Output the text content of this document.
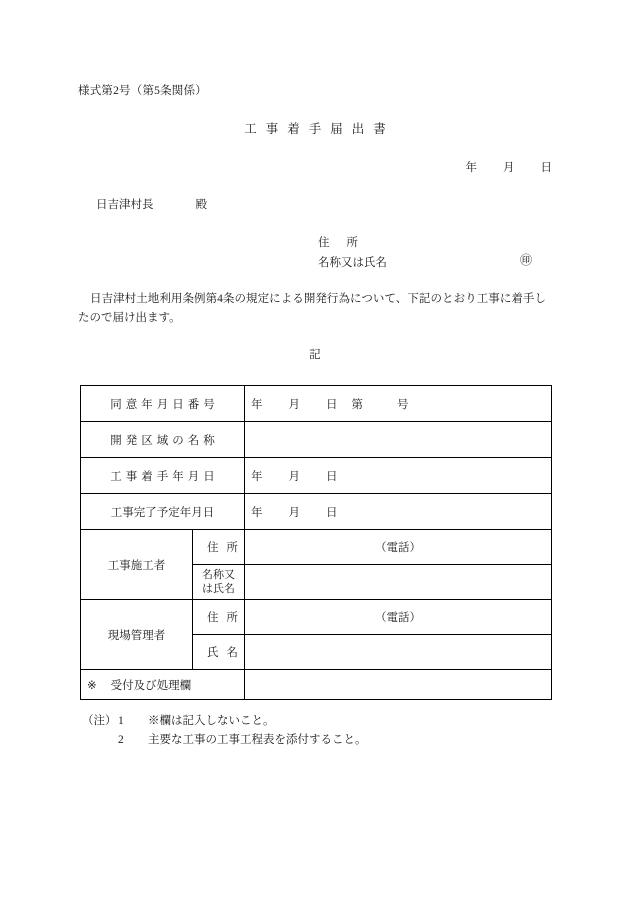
様式第2号（第5条関係）
工事着手届出書
年 月 日
日吉津村長	殿
住所
名称又は氏名	㊞
日吉津村土地利用条例第4条の規定による開発行為について、下記のとおり工事に着手したので届け出ます。
記
同意年月日番号		年 月 日 第 号
開発区域の名称		
工事着手年月日		年 月 日
工事完了予定年月日		年 月 日
工事施工者	住所	（電話）
	名称又
は氏名	
現場管理者	住所	（電話）
	氏名	
※ 受付及び処理欄		
（注） 1 ※欄は記入しないこと。
2 主要な工事の工事工程表を添付すること。
